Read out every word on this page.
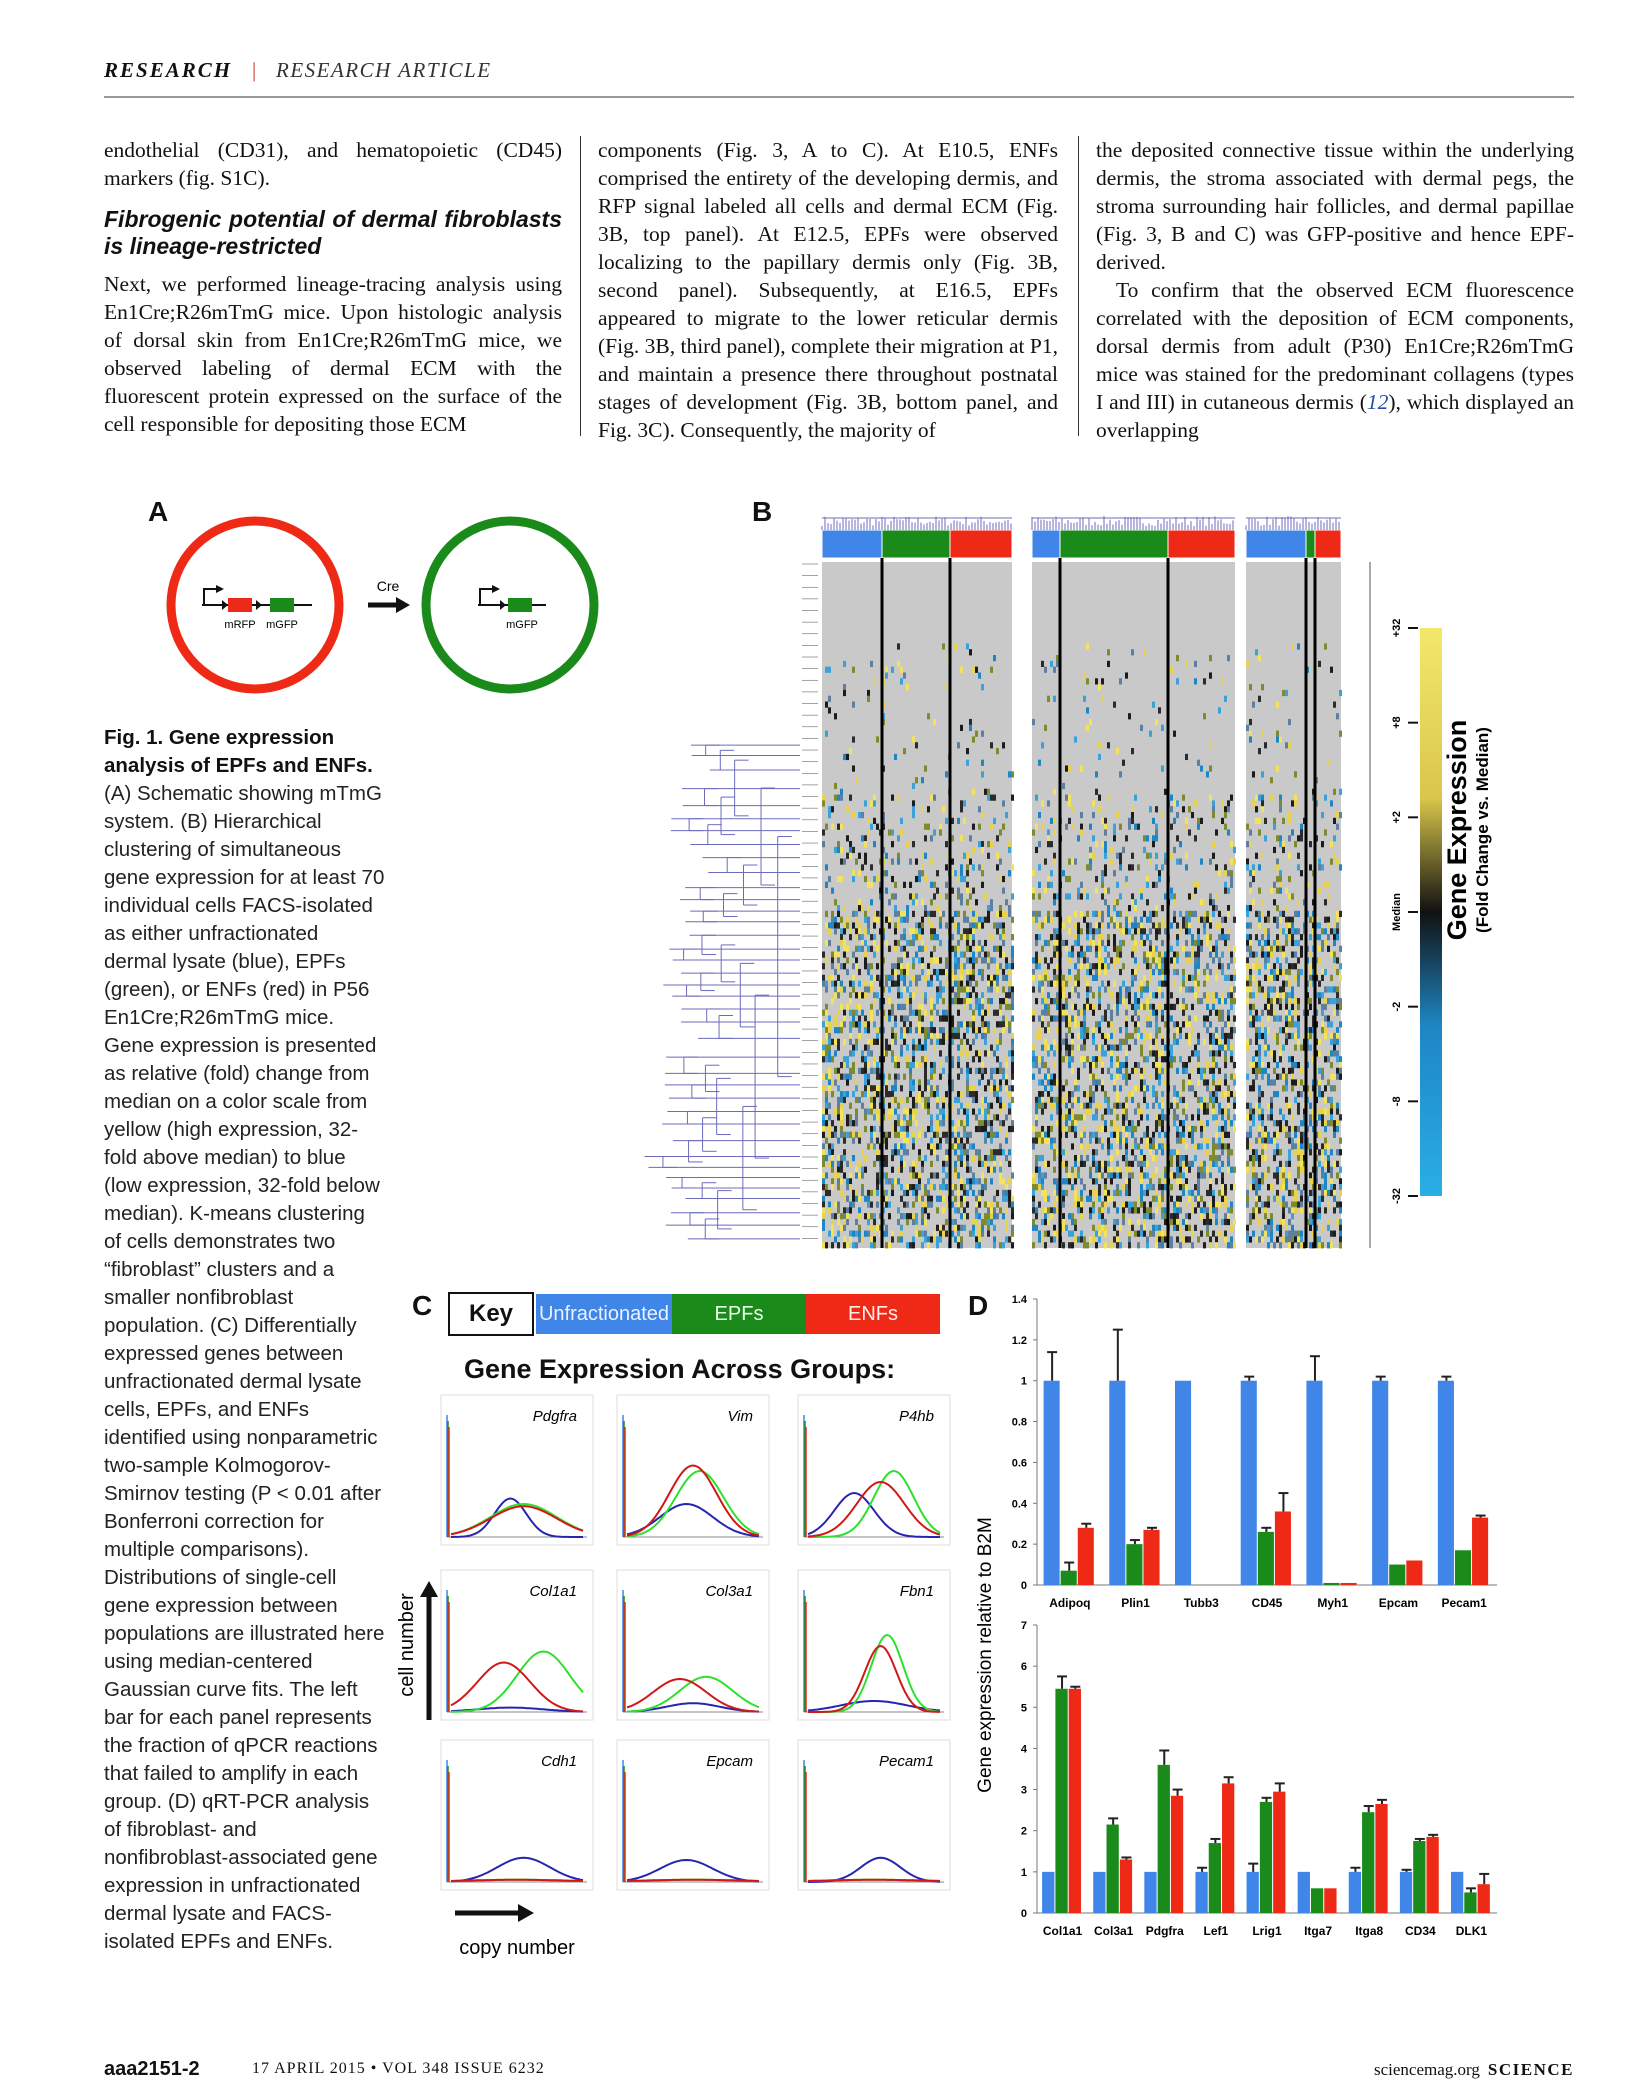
RESEARCH | RESEARCH ARTICLE

endothelial (CD31), and hematopoietic (CD45) markers (fig. S1C).

Fibrogenic potential of dermal fibroblasts is lineage-restricted

Next, we performed lineage-tracing analysis using En1Cre;R26mTmG mice. Upon histologic analysis of dorsal skin from En1Cre;R26mTmG mice, we observed labeling of dermal ECM with the fluorescent protein expressed on the surface of the cell responsible for depositing those ECM

components (Fig. 3, A to C). At E10.5, ENFs comprised the entirety of the developing dermis, and RFP signal labeled all cells and dermal ECM (Fig. 3B, top panel). At E12.5, EPFs were observed localizing to the papillary dermis only (Fig. 3B, second panel). Subsequently, at E16.5, EPFs appeared to migrate to the lower reticular dermis (Fig. 3B, third panel), complete their migration at P1, and maintain a presence there throughout postnatal stages of development (Fig. 3B, bottom panel, and Fig. 3C). Consequently, the majority of

the deposited connective tissue within the underlying dermis, the stroma associated with dermal pegs, the stroma surrounding hair follicles, and dermal papillae (Fig. 3, B and C) was GFP-positive and hence EPF-derived.

To confirm that the observed ECM fluorescence correlated with the deposition of ECM components, dorsal dermis from adult (P30) En1Cre;R26mTmG mice was stained for the predominant collagens (types I and III) in cutaneous dermis (12), which displayed an overlapping

A
mRFP mGFP
Cre
mGFP
Fig. 1. Gene expression analysis of EPFs and ENFs. (A) Schematic showing mTmG system. (B) Hierarchical clustering of simultaneous gene expression for at least 70 individual cells FACS-isolated as either unfractionated dermal lysate (blue), EPFs (green), or ENFs (red) in P56 En1Cre;R26mTmG mice. Gene expression is presented as relative (fold) change from median on a color scale from yellow (high expression, 32-fold above median) to blue (low expression, 32-fold below median). K-means clustering of cells demonstrates two “fibroblast” clusters and a smaller nonfibroblast population. (C) Differentially expressed genes between unfractionated dermal lysate cells, EPFs, and ENFs identified using nonparametric two-sample Kolmogorov-Smirnov testing (P < 0.01 after Bonferroni correction for multiple comparisons). Distributions of single-cell gene expression between populations are illustrated here using median-centered Gaussian curve fits. The left bar for each panel represents the fraction of qPCR reactions that failed to amplify in each group. (D) qRT-PCR analysis of fibroblast- and nonfibroblast-associated gene expression in unfractionated dermal lysate and FACS-isolated EPFs and ENFs.
B
+32
+8
+2
Median
-2
-8
-32
Gene Expression (Fold Change vs. Median)
C	Key	Unfractionated	EPFs	ENFs
Gene Expression Across Groups:
Pdgfra	Vim	P4hb
Col1a1	Col3a1	Fbn1
Cdh1	Epcam	Pecam1
cell number
copy number
D
Gene expression relative to B2M 0
0.2
0.4
0.6
0.8
1
1.2
1.4
Adipoq	Plin1	Tubb3	CD45	Myh1	Epcam Pecam1
0
1
2
3
4
5
6
7
Col1a1 Col3a1 Pdgfra Lef1 Lrig1 Itga7 Itga8 CD34 DLK1
aaa2151-2	17 APRIL 2015 • VOL 348 ISSUE 6232	sciencemag.org SCIENCE
